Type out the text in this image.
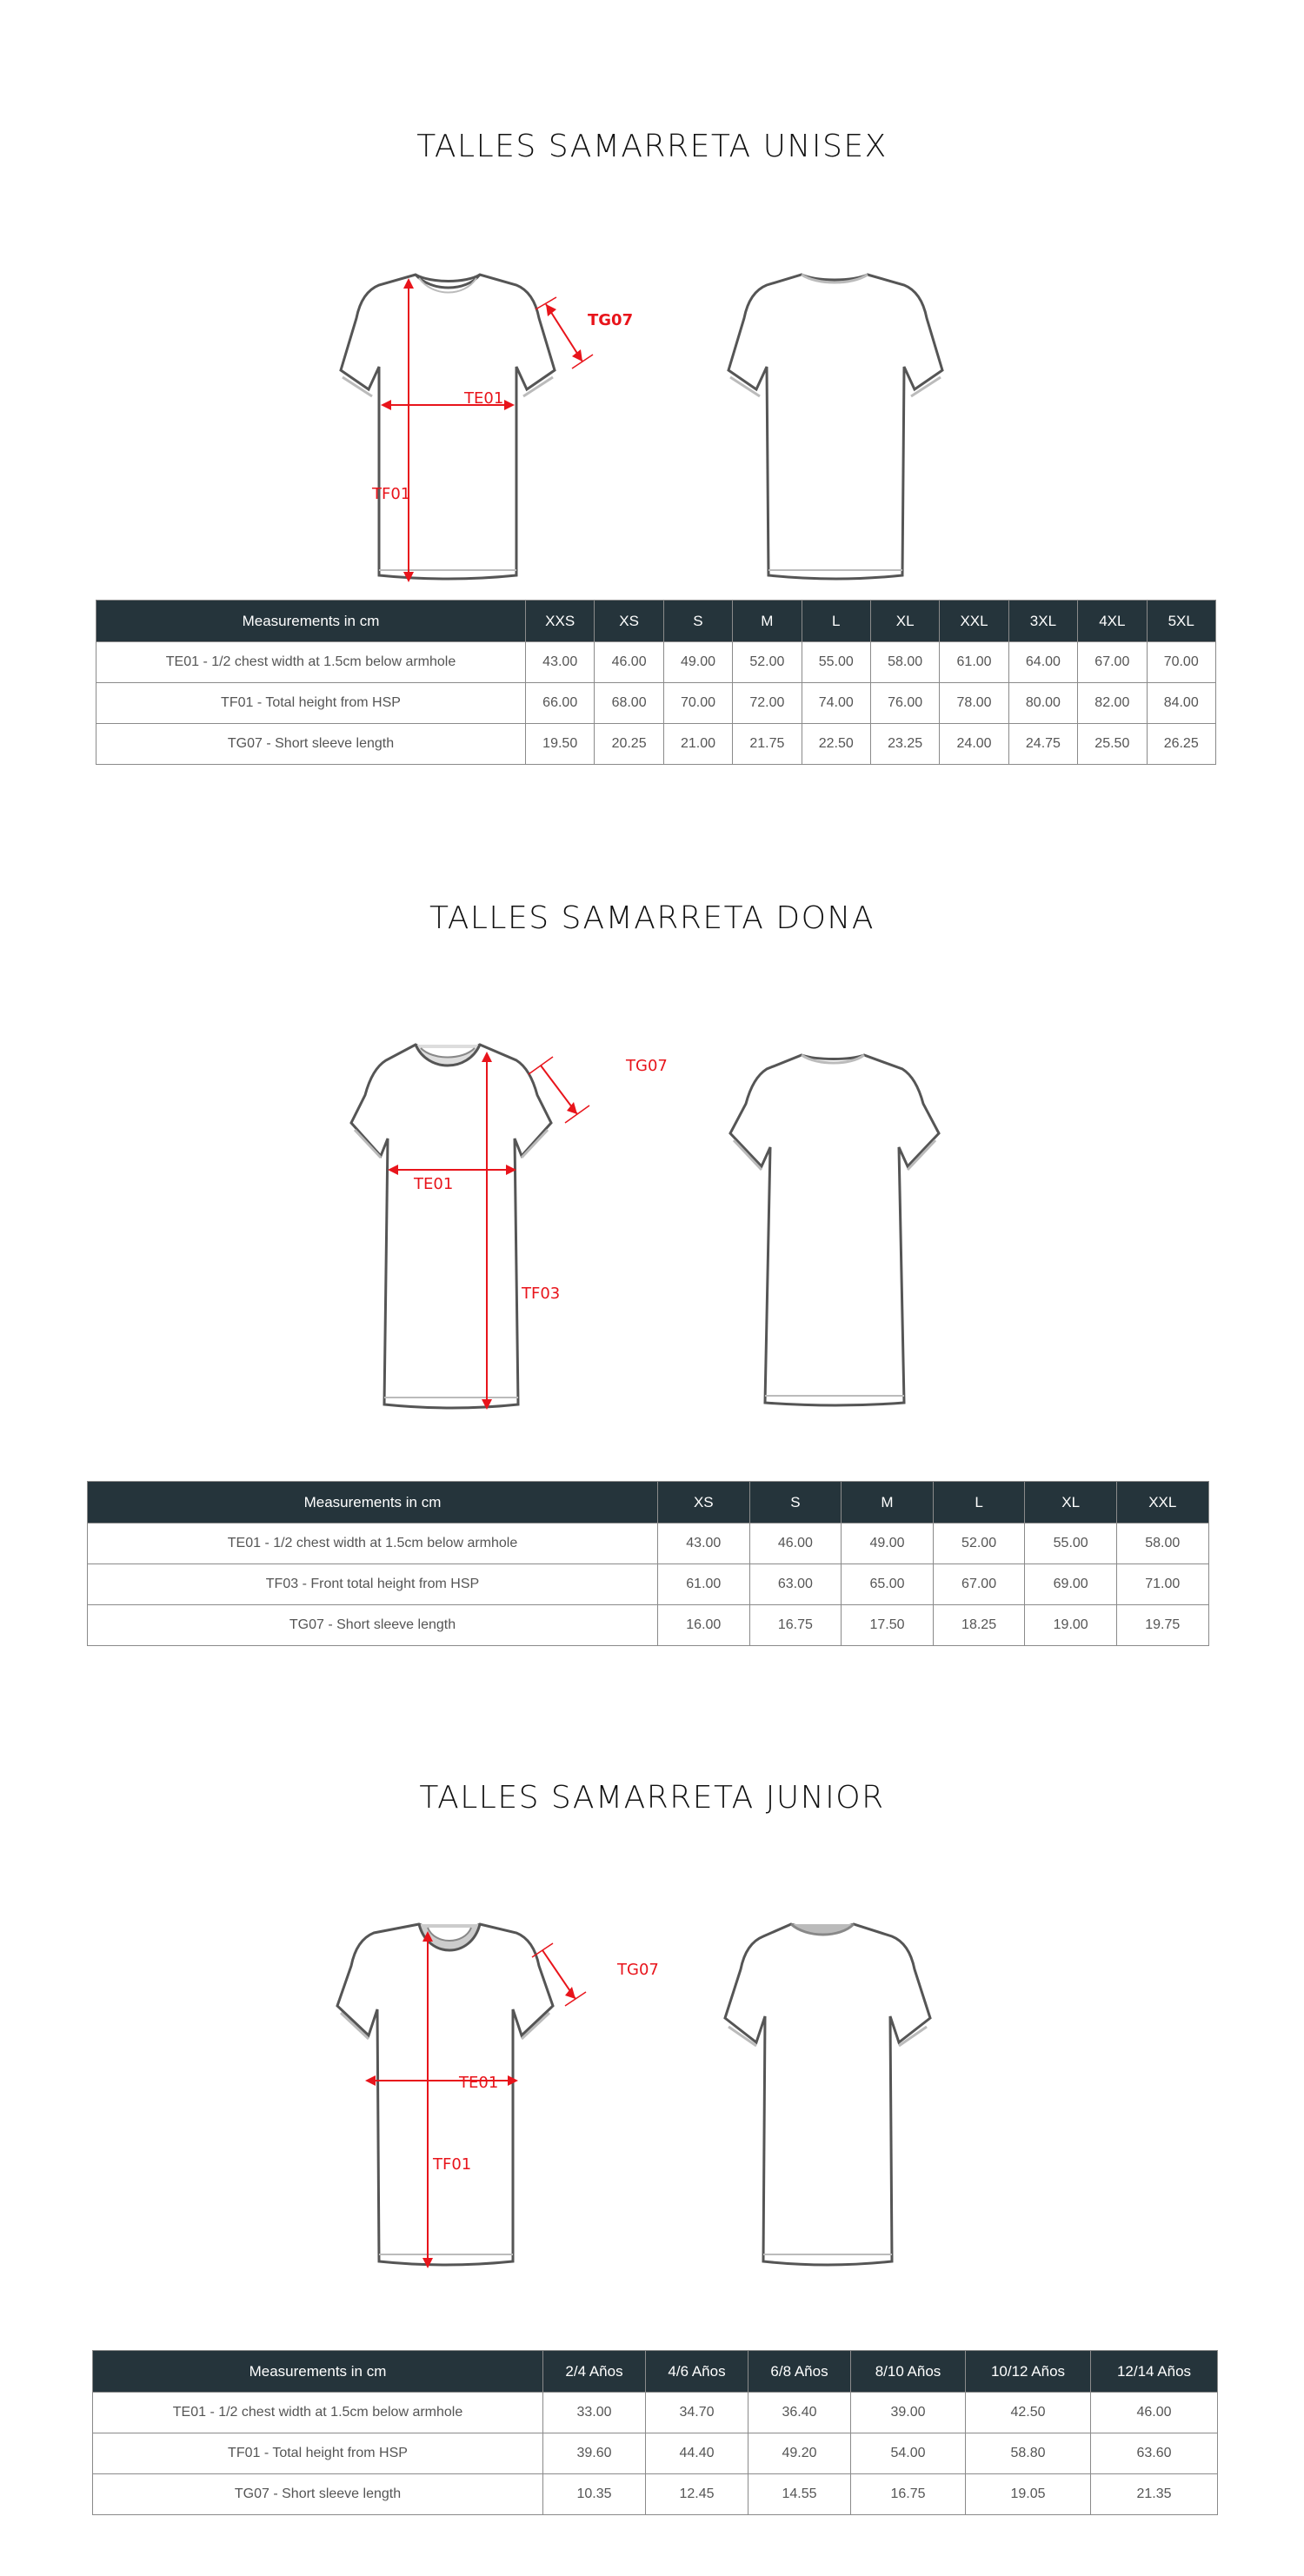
TALLES SAMARRETA UNISEX
TE01
TF01
TG07
Measurements in cm	XXS	XS	S	M	L	XL	XXL	3XL	4XL	5XL
TE01 - 1/2 chest width at 1.5cm below armhole	43.00	46.00	49.00	52.00	55.00	58.00	61.00	64.00	67.00	70.00
TF01 - Total height from HSP	66.00	68.00	70.00	72.00	74.00	76.00	78.00	80.00	82.00	84.00
TG07 - Short sleeve length	19.50	20.25	21.00	21.75	22.50	23.25	24.00	24.75	25.50	26.25
TALLES SAMARRETA DONA
TE01
TF03
TG07
Measurements in cm	XS	S	M	L	XL	XXL
TE01 - 1/2 chest width at 1.5cm below armhole	43.00	46.00	49.00	52.00	55.00	58.00
TF03 - Front total height from HSP	61.00	63.00	65.00	67.00	69.00	71.00
TG07 - Short sleeve length	16.00	16.75	17.50	18.25	19.00	19.75
TALLES SAMARRETA JUNIOR
TE01
TF01
TG07
Measurements in cm	2/4 Años	4/6 Años	6/8 Años	8/10 Años	10/12 Años	12/14 Años
TE01 - 1/2 chest width at 1.5cm below armhole	33.00	34.70	36.40	39.00	42.50	46.00
TF01 - Total height from HSP	39.60	44.40	49.20	54.00	58.80	63.60
TG07 - Short sleeve length	10.35	12.45	14.55	16.75	19.05	21.35
